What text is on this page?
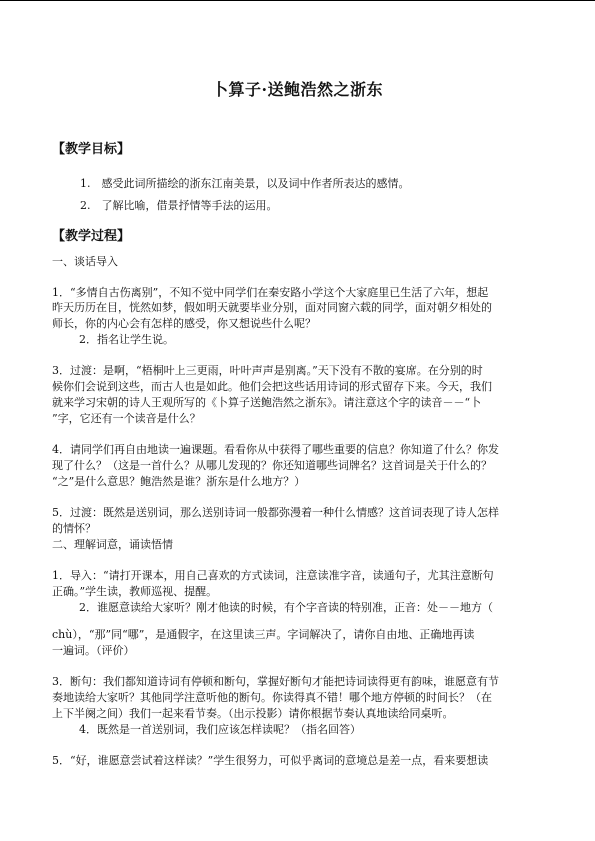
卜算子·送鲍浩然之浙东
【教学目标】
1.　感受此词所描绘的浙东江南美景，以及词中作者所表达的感情。
2.　了解比喻，借景抒情等手法的运用。
【教学过程】
一、谈话导入
1．“多情自古伤离别”，不知不觉中同学们在秦安路小学这个大家庭里已生活了六年，想起
昨天历历在目，恍然如梦，假如明天就要毕业分别，面对同窗六载的同学，面对朝夕相处的
师长，你的内心会有怎样的感受，你又想说些什么呢？
2．指名让学生说。
3．过渡：是啊，“梧桐叶上三更雨，叶叶声声是别离。”天下没有不散的宴席。在分别的时
候你们会说到这些，而古人也是如此。他们会把这些话用诗词的形式留存下来。今天，我们
就来学习宋朝的诗人王观所写的《卜算子送鲍浩然之浙东》。请注意这个字的读音－－“卜
”字，它还有一个读音是什么？
4．请同学们再自由地读一遍课题。看看你从中获得了哪些重要的信息？你知道了什么？你发
现了什么？（这是一首什么？从哪儿发现的？你还知道哪些词牌名？这首词是关于什么的？
“之”是什么意思？鲍浩然是谁？浙东是什么地方？）
5．过渡：既然是送别词，那么送别诗词一般都弥漫着一种什么情感？这首词表现了诗人怎样
的情怀？
二、理解词意，诵读悟情
1．导入：“请打开课本，用自己喜欢的方式读词，注意读准字音，读通句子，尤其注意断句
正确。”学生读，教师巡视、提醒。
2．谁愿意读给大家听？刚才他读的时候，有个字音读的特别准，正音：处－－地方（
chù），“那”同“哪”，是通假字，在这里读三声。字词解决了，请你自由地、正确地再读
一遍词。（评价）
3．断句：我们都知道诗词有停顿和断句，掌握好断句才能把诗词读得更有韵味，谁愿意有节
奏地读给大家听？其他同学注意听他的断句。你读得真不错！哪个地方停顿的时间长？（在
上下半阕之间）我们一起来看节奏。（出示投影）请你根据节奏认真地读给同桌听。
4．既然是一首送别词，我们应该怎样读呢？（指名回答）
5．“好，谁愿意尝试着这样读？”学生很努力，可似乎离词的意境总是差一点，看来要想读
